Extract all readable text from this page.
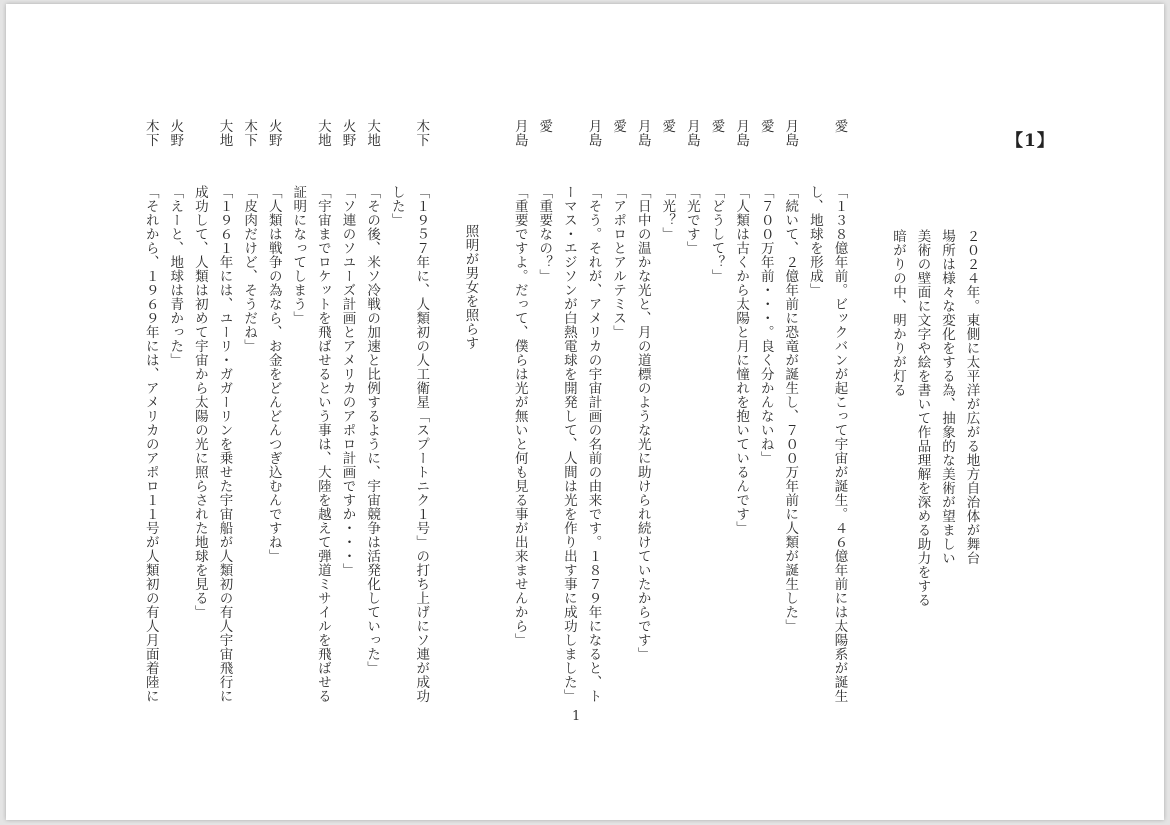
【1】
２０２４年。東側に太平洋が広がる地方自治体が舞台
場所は様々な変化をする為、抽象的な美術が望ましい
美術の壁面に文字や絵を書いて作品理解を深める助力をする
暗がりの中、明かりが灯る
愛
「１３８億年前。ビックバンが起こって宇宙が誕生。４６億年前には太陽系が誕生
し、地球を形成」
月島
「続いて、２億年前に恐竜が誕生し、７００万年前に人類が誕生した」
愛
「７００万年前・・・。良く分かんないね」
月島
「人類は古くから太陽と月に憧れを抱いているんです」
愛
「どうして？」
月島
「光です」
愛
「光？」
月島
「日中の温かな光と、月の道標のような光に助けられ続けていたからです」
愛
「アポロとアルテミス」
月島
「そう。それが、アメリカの宇宙計画の名前の由来です。１８７９年になると、ト
ーマス・エジソンが白熱電球を開発して、人間は光を作り出す事に成功しました」
愛
「重要なの？」
月島
「重要ですよ。だって、僕らは光が無いと何も見る事が出来ませんから」
照明が男女を照らす
木下
「１９５７年に、人類初の人工衛星「スプートニク１号」の打ち上げにソ連が成功
した」
大地
「その後、米ソ冷戦の加速と比例するように、宇宙競争は活発化していった」
火野
「ソ連のソユーズ計画とアメリカのアポロ計画ですか・・・」
大地
「宇宙までロケットを飛ばせるという事は、大陸を越えて弾道ミサイルを飛ばせる
証明になってしまう」
火野
「人類は戦争の為なら、お金をどんどんつぎ込むんですね」
木下
「皮肉だけど、そうだね」
大地
「１９６１年には、ユーリ・ガガーリンを乗せた宇宙船が人類初の有人宇宙飛行に
成功して、人類は初めて宇宙から太陽の光に照らされた地球を見る」
火野
「えーと、地球は青かった」
木下
「それから、１９６９年には、アメリカのアポロ１１号が人類初の有人月面着陸に
1
